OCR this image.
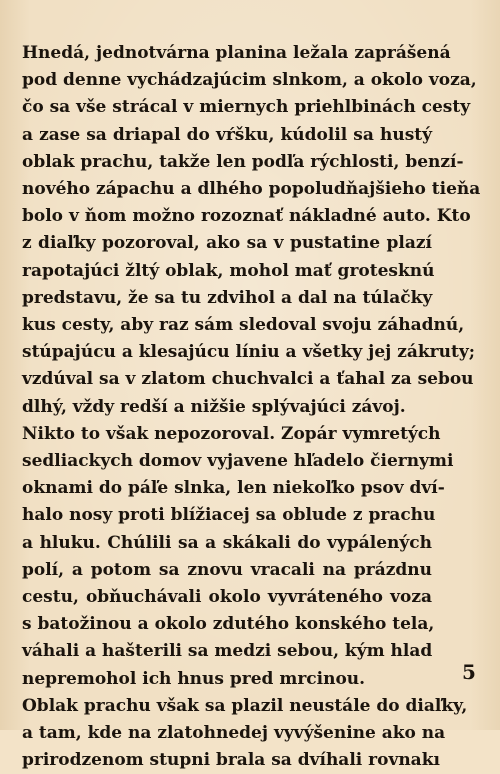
Hnedá, jednotvárna planina ležala zaprášená
pod denne vychádzajúcim slnkom, a okolo voza,
čo sa vše strácal v miernych priehlbinách cesty
a zase sa driapal do vŕšku, kúdolil sa hustý
oblak prachu, takže len podľa rýchlosti, benzí-
nového zápachu a dlhého popoludňajšieho tieňa
bolo v ňom možno rozoznať nákladné auto. Kto
z diaľky pozoroval, ako sa v pustatine plazí
rapotajúci žltý oblak, mohol mať grotesknú
predstavu, že sa tu zdvihol a dal na túlačky
kus cesty, aby raz sám sledoval svoju záhadnú,
stúpajúcu a klesajúcu líniu a všetky jej zákruty;
vzdúval sa v zlatom chuchvalci a ťahal za sebou
dlhý, vždy redší a nižšie splývajúci závoj.
Nikto to však nepozoroval. Zopár vymretých
sedliackych domov vyjavene hľadelo čiernymi
oknami do páľe slnka, len niekoľko psov dví-
halo nosy proti blížiacej sa oblude z prachu
a hluku. Chúlili sa a skákali do vypálených
polí, a potom sa znovu vracali na prázdnu
cestu, obňuchávali okolo vyvráteného voza
s batožinou a okolo zdutého konského tela,
váhali a hašterili sa medzi sebou, kým hlad
nepremohol ich hnus pred mrcinou.
Oblak prachu však sa plazil neustále do diaľky,
a tam, kde na zlatohnedej vyvýšenine ako na
prirodzenom stupni brala sa dvíhali rovnakı
5
